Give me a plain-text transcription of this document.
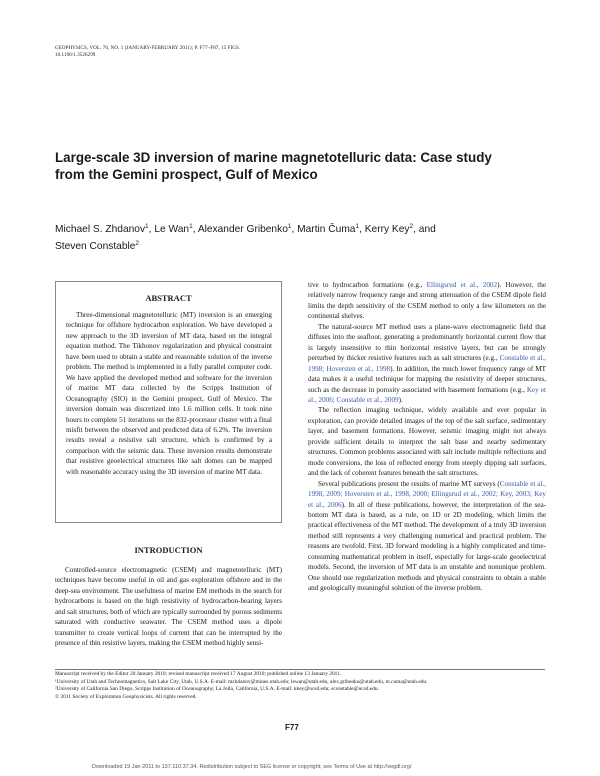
GEOPHYSICS, VOL. 76, NO. 1 (JANUARY-FEBRUARY 2011); P. F77–F87, 15 FIGS.
10.1190/1.3526299
Large-scale 3D inversion of marine magnetotelluric data: Case study
from the Gemini prospect, Gulf of Mexico
Michael S. Zhdanov$^1$, Le Wan$^1$, Alexander Gribenko$^1$, Martin Čuma$^1$, Kerry Key$^2$, and
Steven Constable$^2$
ABSTRACT

Three-dimensional magnetotelluric (MT) inversion is an emerging technique for offshore hydrocarbon exploration. We have developed a new approach to the 3D inversion of MT data, based on the integral equation method. The Tikhonov regularization and physical constraint have been used to obtain a stable and reasonable solution of the inverse problem. The method is implemented in a fully parallel computer code. We have applied the developed method and software for the inversion of marine MT data collected by the Scripps Institution of Oceanography (SIO) in the Gemini prospect, Gulf of Mexico. The inversion domain was discretized into 1.6 million cells. It took nine hours to complete 51 iterations on the 832-processor cluster with a final misfit between the observed and predicted data of 6.2%. The inversion results reveal a resistive salt structure, which is confirmed by a comparison with the seismic data. These inversion results demonstrate that resistive geoelectrical structures like salt domes can be mapped with reasonable accuracy using the 3D inversion of marine MT data.

INTRODUCTION

Controlled-source electromagnetic (CSEM) and magnetotelluric (MT) techniques have become useful in oil and gas exploration offshore and in the deep-sea environment. The usefulness of marine EM methods in the search for hydrocarbons is based on the high resistivity of hydrocarbon-bearing layers and salt structures, both of which are typically surrounded by porous sediments saturated with conductive seawater. The CSEM method uses a dipole transmitter to create vertical loops of current that can be interrupted by the presence of thin resistive layers, making the CSEM method highly sensi-

tive to hydrocarbon formations (e.g., Ellingsrud et al., 2002). However, the relatively narrow frequency range and strong attenuation of the CSEM dipole field limits the depth sensitivity of the CSEM method to only a few kilometers on the continental shelves.

The natural-source MT method uses a plane-wave electromagnetic field that diffuses into the seafloor, generating a predominantly horizontal current flow that is largely insensitive to thin horizontal resistive layers, but can be strongly perturbed by thicker resistive features such as salt structures (e.g., Constable et al., 1998; Hoversten et al., 1998). In addition, the much lower frequency range of MT data makes it a useful technique for mapping the resistivity of deeper structures, such as the decrease in porosity associated with basement formations (e.g., Key et al., 2006; Constable et al., 2009).

The reflection imaging technique, widely available and ever popular in exploration, can provide detailed images of the top of the salt surface, sedimentary layer, and basement formations. However, seismic imaging might not always provide sufficient details to interpret the salt base and nearby sedimentary structures. Common problems associated with salt include multiple reflections and mode conversions, the loss of reflected energy from steeply dipping salt surfaces, and the lack of coherent features beneath the salt structures.

Several publications present the results of marine MT surveys (Constable et al., 1998, 2009; Hoversten et al., 1998, 2000; Ellingsrud et al., 2002; Key, 2003; Key et al., 2006). In all of these publications, however, the interpretation of the sea-bottom MT data is based, as a rule, on 1D or 2D modeling, which limits the practical effectiveness of the MT method. The development of a truly 3D inversion method still represents a very challenging numerical and practical problem. The reasons are twofold. First, 3D forward modeling is a highly complicated and time-consuming mathematical problem in itself, especially for large-scale geoelectrical models. Second, the inversion of MT data is an unstable and nonunique problem. One should use regularization methods and physical constraints to obtain a stable and geologically meaningful solution of the inverse problem.

Manuscript received by the Editor 20 January 2010; revised manuscript received 17 August 2010; published online 13 January 2011.
¹University of Utah and Technomagnetics, Salt Lake City, Utah, U.S.A. E-mail: mzhdanov@mines.utah.edu; lewan@utah.edu, alex.gribenko@utah.edu, m.cuma@utah.edu.
²University of California San Diego, Scripps Institution of Oceanography, La Jolla, California, U.S.A. E-mail: kkey@ucsd.edu; sconstable@ucsd.edu.
© 2011 Society of Exploration Geophysicists. All rights reserved.
F77
Downloaded 19 Jan 2011 to 137.110.37.34. Redistribution subject to SEG license or copyright; see Terms of Use at http://segdl.org/
